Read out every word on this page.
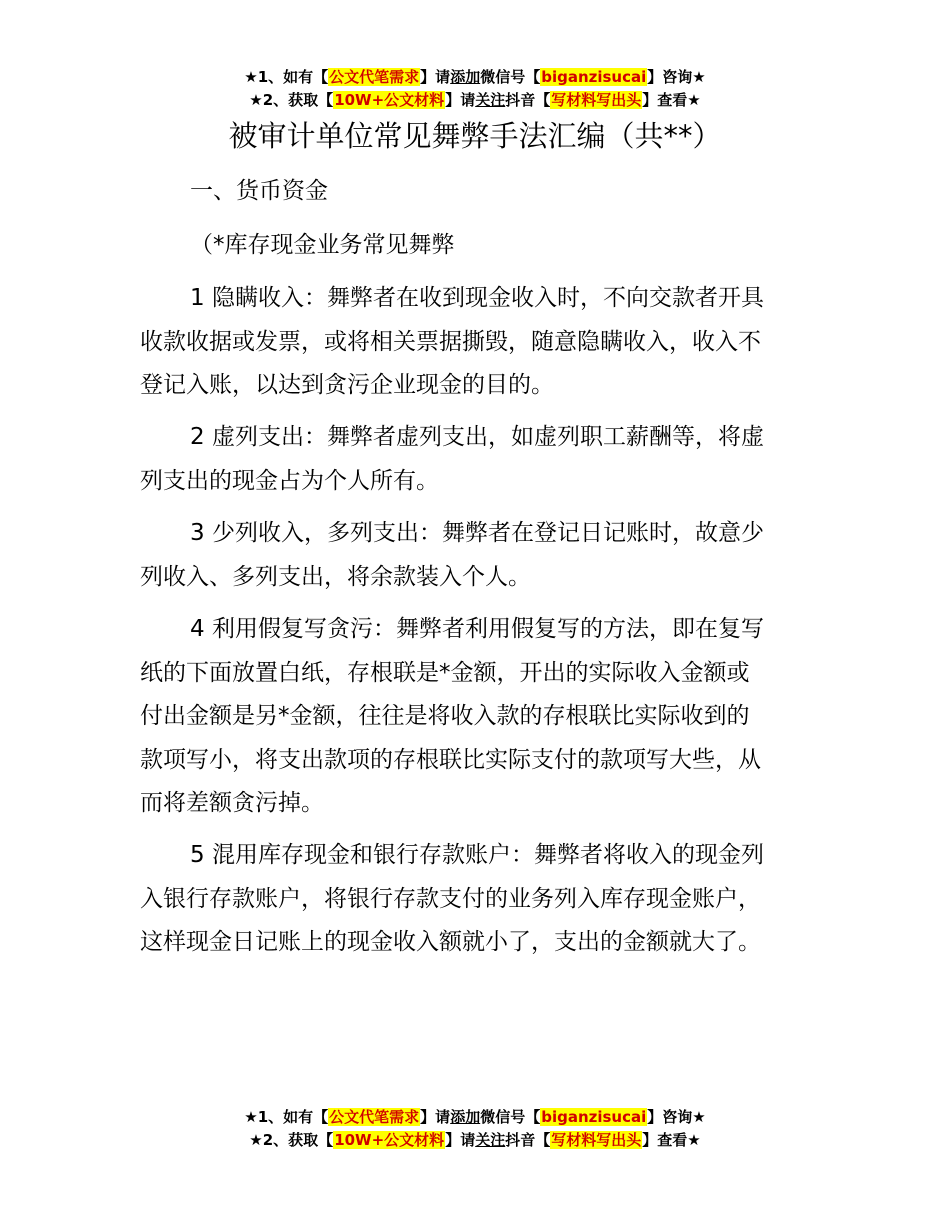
★1、如有【公文代笔需求】请添加微信号【biganzisucai】咨询★
★2、获取【10W+公文材料】请关注抖音【写材料写出头】查看★
被审计单位常见舞弊手法汇编（共**）
一、货币资金
（*库存现金业务常见舞弊
1 隐瞒收入：舞弊者在收到现金收入时，不向交款者开具
收款收据或发票，或将相关票据撕毁，随意隐瞒收入，收入不
登记入账，以达到贪污企业现金的目的。
2 虚列支出：舞弊者虚列支出，如虚列职工薪酬等，将虚
列支出的现金占为个人所有。
3 少列收入，多列支出：舞弊者在登记日记账时，故意少
列收入、多列支出，将余款装入个人。
4 利用假复写贪污：舞弊者利用假复写的方法，即在复写
纸的下面放置白纸，存根联是*金额，开出的实际收入金额或
付出金额是另*金额，往往是将收入款的存根联比实际收到的
款项写小，将支出款项的存根联比实际支付的款项写大些，从
而将差额贪污掉。
5 混用库存现金和银行存款账户：舞弊者将收入的现金列
入银行存款账户，将银行存款支付的业务列入库存现金账户，
这样现金日记账上的现金收入额就小了，支出的金额就大了。
★1、如有【公文代笔需求】请添加微信号【biganzisucai】咨询★
★2、获取【10W+公文材料】请关注抖音【写材料写出头】查看★
